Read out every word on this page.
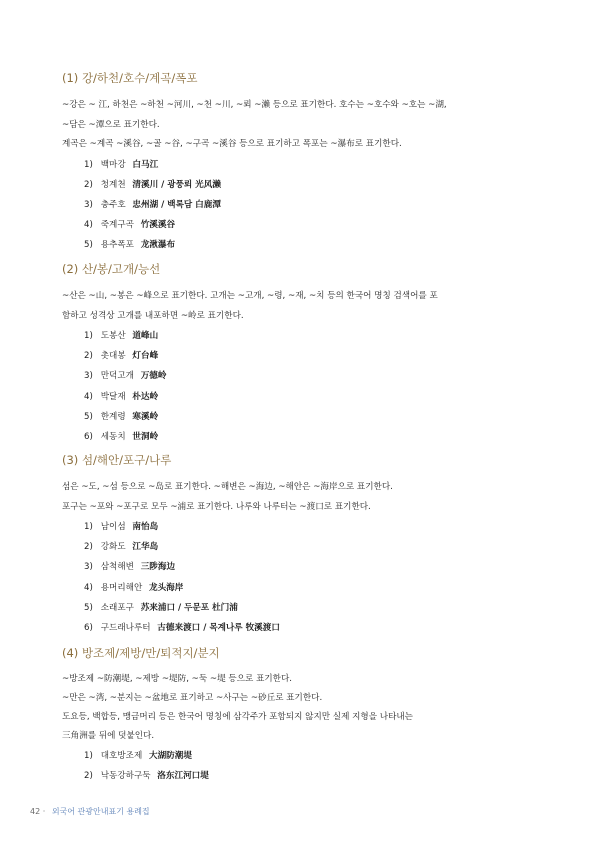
(1) 강/하천/호수/계곡/폭포

~강은 ~ 江, 하천은 ~하천 ~河川, ~천 ~川, ~뢰 ~瀨 등으로 표기한다. 호수는 ~호수와 ~호는 ~湖,

~담은 ~潭으로 표기한다.

계곡은 ~계곡 ~溪谷, ~골 ~谷, ~구곡 ~溪谷 등으로 표기하고 폭포는 ~瀑布로 표기한다.

1) 백마강 白马江
2) 청계천 清溪川 / 광풍뢰 光风濑
3) 충주호 忠州湖 / 백록담 白鹿潭
4) 죽계구곡 竹溪溪谷
5) 용추폭포 龙湫瀑布
(2) 산/봉/고개/능선

~산은 ~山, ~봉은 ~峰으로 표기한다. 고개는 ~고개, ~령, ~재, ~치 등의 한국어 명칭 검색어를 포

함하고 성격상 고개를 내포하면 ~岭로 표기한다.

1) 도봉산 道峰山
2) 촛대봉 灯台峰
3) 만덕고개 万德岭
4) 박달재 朴达岭
5) 한계령 寒溪岭
6) 세동치 世洞岭
(3) 섬/해안/포구/나루

섬은 ~도, ~섬 등으로 ~岛로 표기한다. ~해변은 ~海边, ~해안은 ~海岸으로 표기한다.

포구는 ~포와 ~포구로 모두 ~浦로 표기한다. 나루와 나루터는 ~渡口로 표기한다.

1) 남이섬 南怡岛
2) 강화도 江华岛
3) 삼척해변 三陟海边
4) 용머리해안 龙头海岸
5) 소래포구 苏来浦口 / 두문포 杜门浦
6) 구드래나루터 古德来渡口 / 목계나루 牧溪渡口
(4) 방조제/제방/만/퇴적지/분지

~방조제 ~防潮堤, ~제방 ~堤防, ~둑 ~堤 등으로 표기한다.

~만은 ~湾, ~분지는 ~盆地로 표기하고 ~사구는 ~砂丘로 표기한다.

도요등, 백합등, 맹금머리 등은 한국어 명칭에 삼각주가 포함되지 않지만 실제 지형을 나타내는

三角洲를 뒤에 덧붙인다.

1) 대호방조제 大湖防潮堤
2) 낙동강하구둑 洛东江河口堤
42 · 외국어 관광안내표기 용례집
